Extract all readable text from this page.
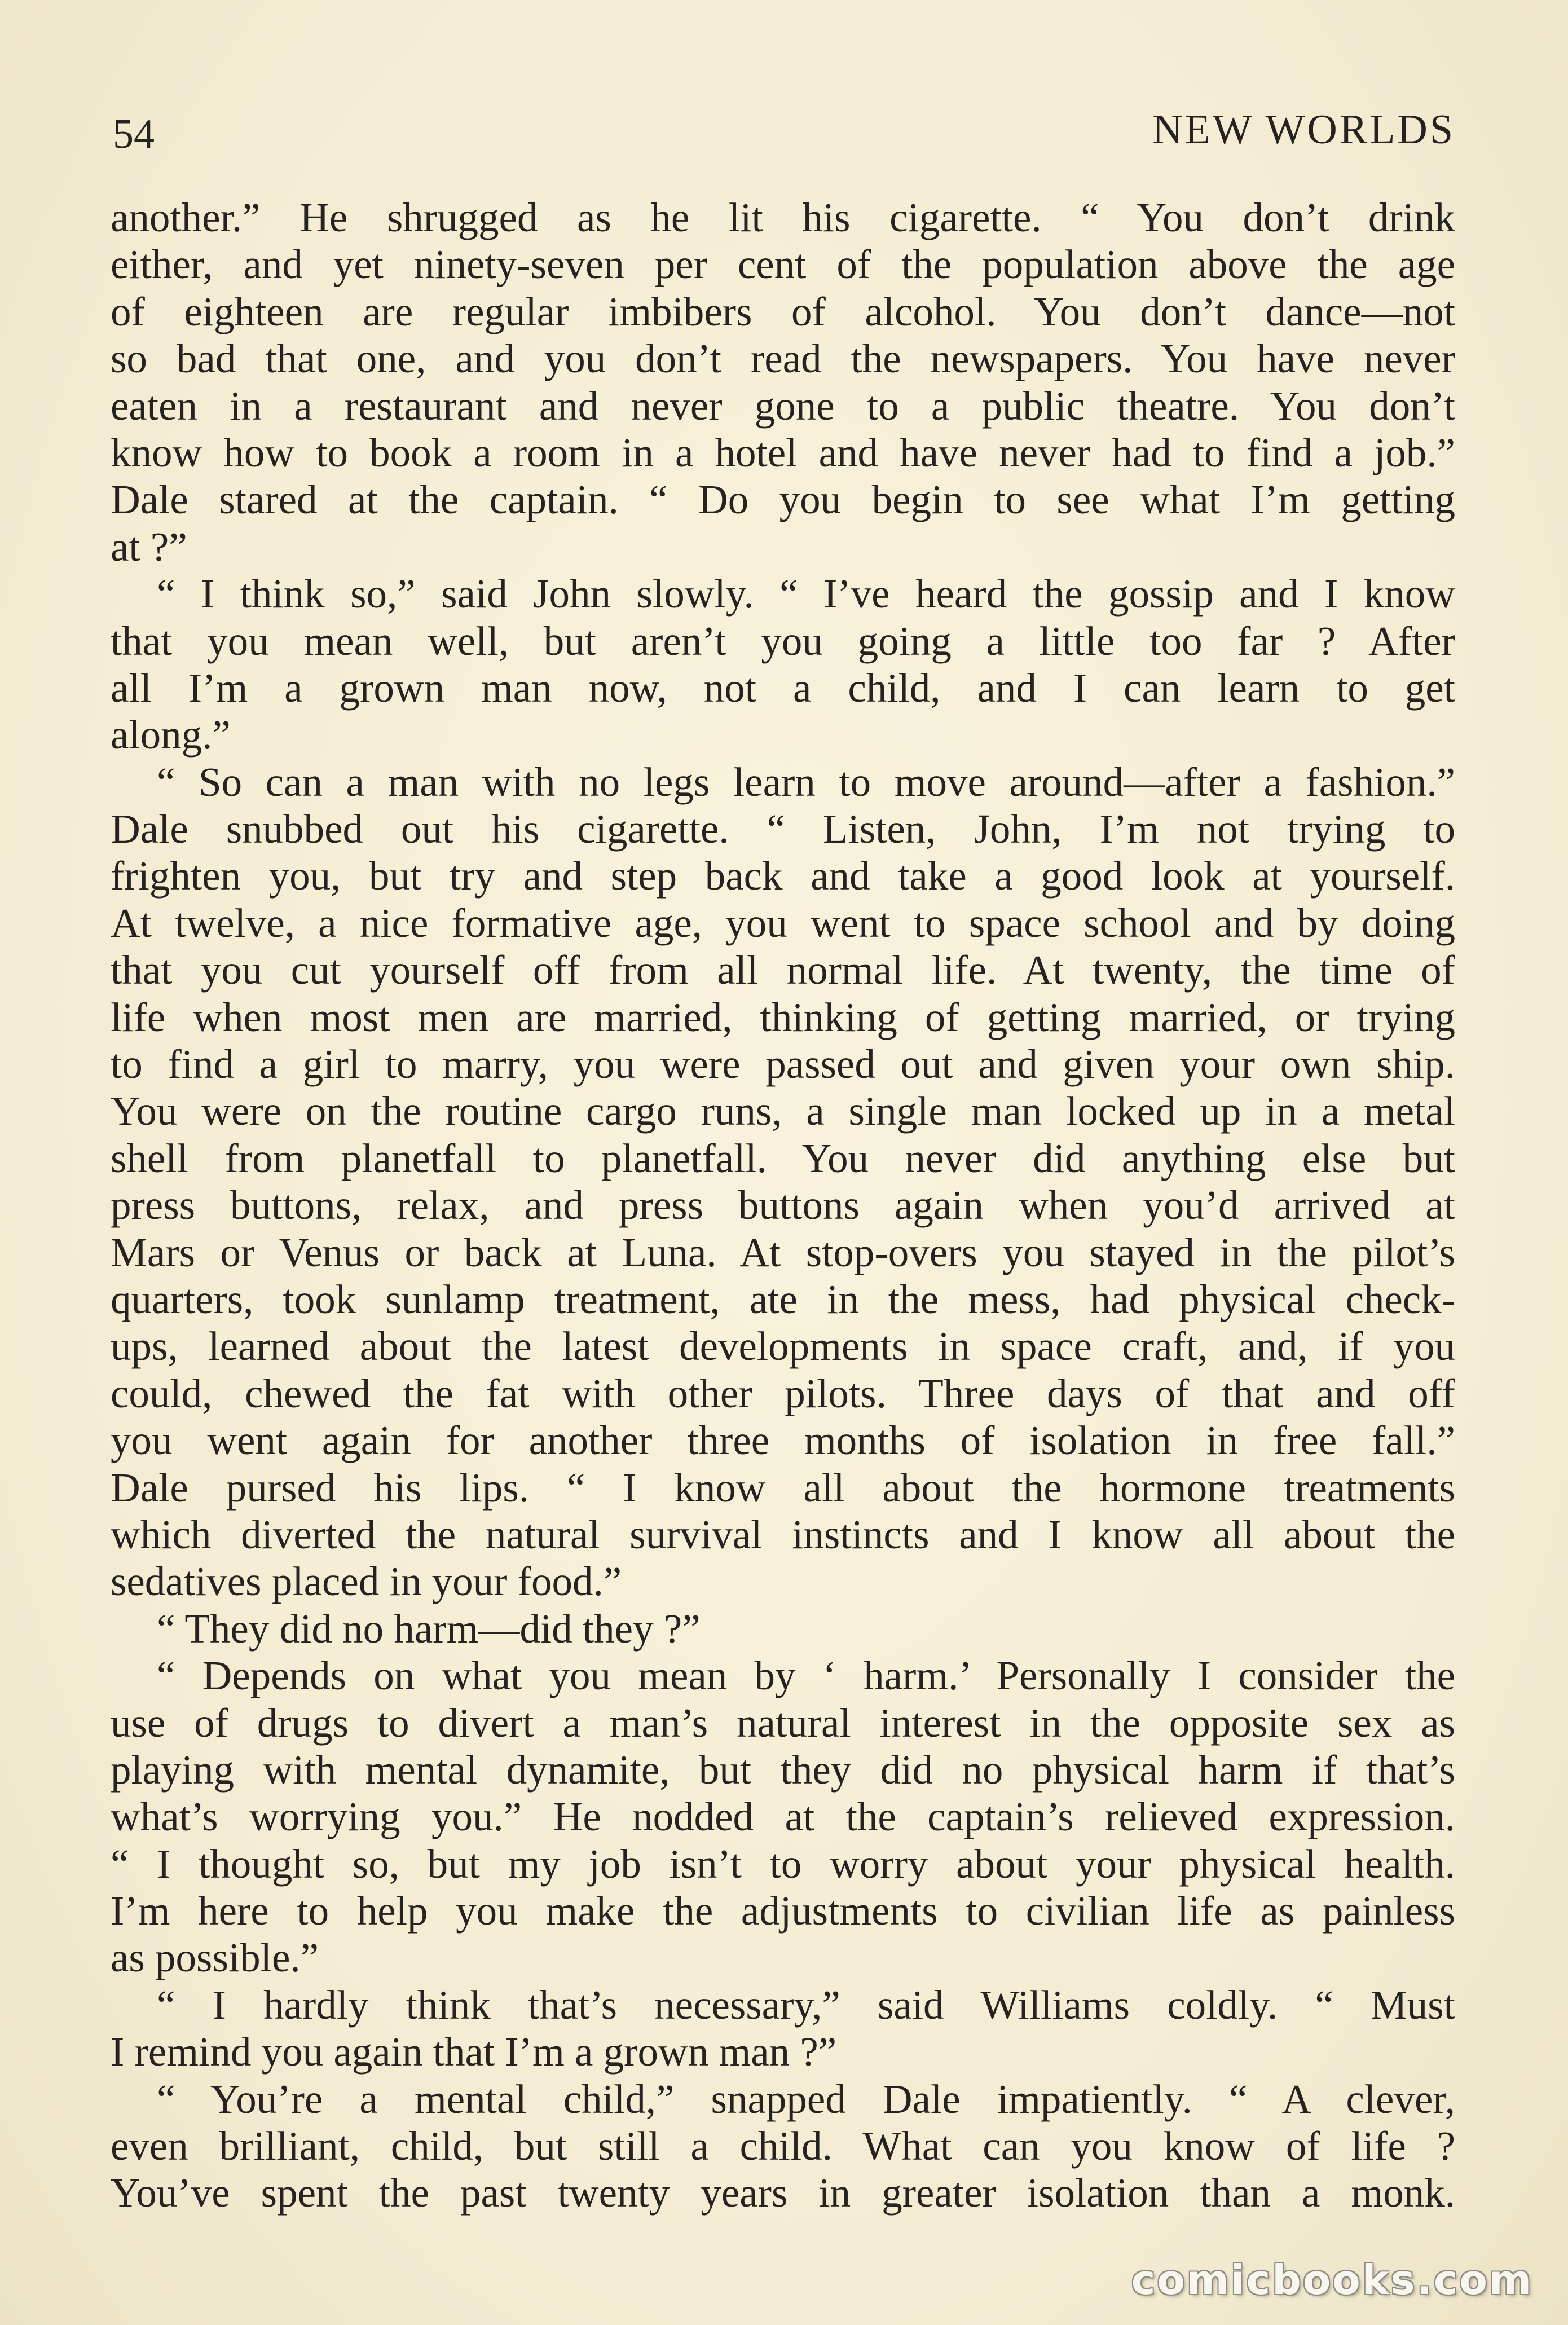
54	NEW WORLDS
another.” He shrugged as he lit his cigarette. “ You don’t drink
either, and yet ninety-seven per cent of the population above the age
of eighteen are regular imbibers of alcohol. You don’t dance—not
so bad that one, and you don’t read the newspapers. You have never
eaten in a restaurant and never gone to a public theatre. You don’t
know how to book a room in a hotel and have never had to find a job.”
Dale stared at the captain. “ Do you begin to see what I’m getting
at ?”
“ I think so,” said John slowly. “ I’ve heard the gossip and I know
that you mean well, but aren’t you going a little too far ? After
all I’m a grown man now, not a child, and I can learn to get
along.”
“ So can a man with no legs learn to move around—after a fashion.”
Dale snubbed out his cigarette. “ Listen, John, I’m not trying to
frighten you, but try and step back and take a good look at yourself.
At twelve, a nice formative age, you went to space school and by doing
that you cut yourself off from all normal life. At twenty, the time of
life when most men are married, thinking of getting married, or trying
to find a girl to marry, you were passed out and given your own ship.
You were on the routine cargo runs, a single man locked up in a metal
shell from planetfall to planetfall. You never did anything else but
press buttons, relax, and press buttons again when you’d arrived at
Mars or Venus or back at Luna. At stop-overs you stayed in the pilot’s
quarters, took sunlamp treatment, ate in the mess, had physical check-
ups, learned about the latest developments in space craft, and, if you
could, chewed the fat with other pilots. Three days of that and off
you went again for another three months of isolation in free fall.”
Dale pursed his lips. “ I know all about the hormone treatments
which diverted the natural survival instincts and I know all about the
sedatives placed in your food.”
“ They did no harm—did they ?”
“ Depends on what you mean by ‘ harm.’ Personally I consider the
use of drugs to divert a man’s natural interest in the opposite sex as
playing with mental dynamite, but they did no physical harm if that’s
what’s worrying you.” He nodded at the captain’s relieved expression.
“ I thought so, but my job isn’t to worry about your physical health.
I’m here to help you make the adjustments to civilian life as painless
as possible.”
“ I hardly think that’s necessary,” said Williams coldly. “ Must
I remind you again that I’m a grown man ?”
“ You’re a mental child,” snapped Dale impatiently. “ A clever,
even brilliant, child, but still a child. What can you know of life ?
You’ve spent the past twenty years in greater isolation than a monk.
comicbooks.com
